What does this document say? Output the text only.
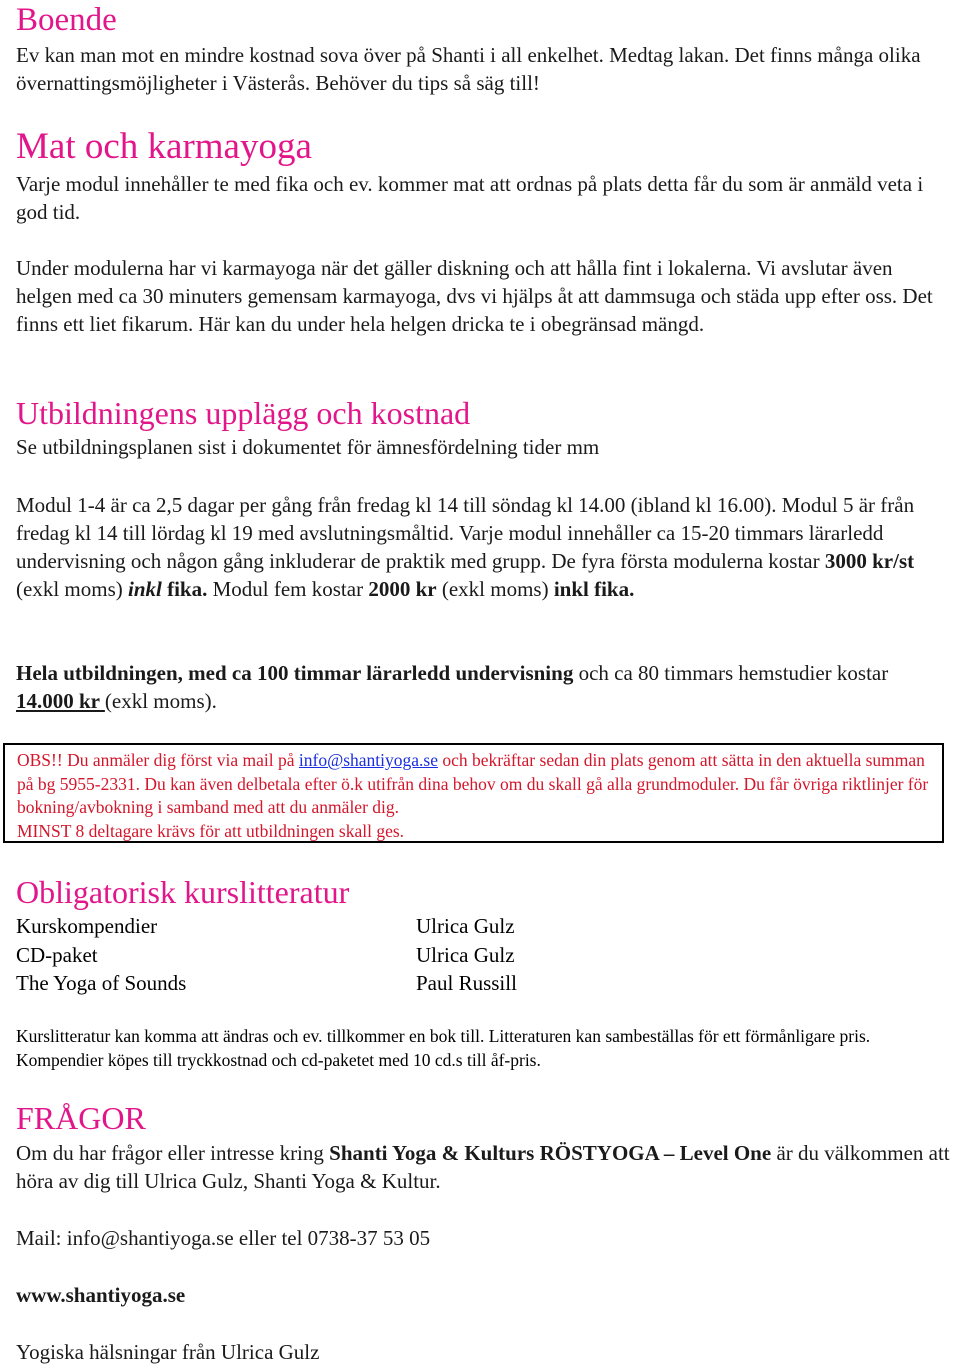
Boende

Ev kan man mot en mindre kostnad sova över på Shanti i all enkelhet. Medtag lakan. Det finns många olika övernattingsmöjligheter i Västerås. Behöver du tips så säg till!

Mat och karmayoga

Varje modul innehåller te med fika och ev. kommer mat att ordnas på plats detta får du som är anmäld veta i god tid.

Under modulerna har vi karmayoga när det gäller diskning och att hålla fint i lokalerna. Vi avslutar även helgen med ca 30 minuters gemensam karmayoga, dvs vi hjälps åt att dammsuga och städa upp efter oss. Det finns ett liet fikarum. Här kan du under hela helgen dricka te i obegränsad mängd.

Utbildningens upplägg och kostnad

Se utbildningsplanen sist i dokumentet för ämnesfördelning tider mm

Modul 1-4 är ca 2,5 dagar per gång från fredag kl 14 till söndag kl 14.00 (ibland kl 16.00). Modul 5 är från fredag kl 14 till lördag kl 19 med avslutningsmåltid. Varje modul innehåller ca 15-20 timmars lärarledd undervisning och någon gång inkluderar de praktik med grupp. De fyra första modulerna kostar 3000 kr/st (exkl moms) inkl fika. Modul fem kostar 2000 kr (exkl moms) inkl fika.

Hela utbildningen, med ca 100 timmar lärarledd undervisning och ca 80 timmars hemstudier kostar 14.000 kr (exkl moms).

OBS!! Du anmäler dig först via mail på info@shantiyoga.se och bekräftar sedan din plats genom att sätta in den aktuella summan på bg 5955-2331. Du kan även delbetala efter ö.k utifrån dina behov om du skall gå alla grundmoduler. Du får övriga riktlinjer för bokning/avbokning i samband med att du anmäler dig.
MINST 8 deltagare krävs för att utbildningen skall ges.
Obligatorisk kurslitteratur
Kurskompendier	Ulrica Gulz
CD-paket	Ulrica Gulz
The Yoga of Sounds	Paul Russill

Kurslitteratur kan komma att ändras och ev. tillkommer en bok till. Litteraturen kan sambeställas för ett förmånligare pris. Kompendier köpes till tryckkostnad och cd-paketet med 10 cd.s till åf-pris.

FRÅGOR

Om du har frågor eller intresse kring Shanti Yoga & Kulturs RÖSTYOGA – Level One är du välkommen att höra av dig till Ulrica Gulz, Shanti Yoga & Kultur.

Mail: info@shantiyoga.se eller tel 0738-37 53 05

www.shantiyoga.se

Yogiska hälsningar från Ulrica Gulz
